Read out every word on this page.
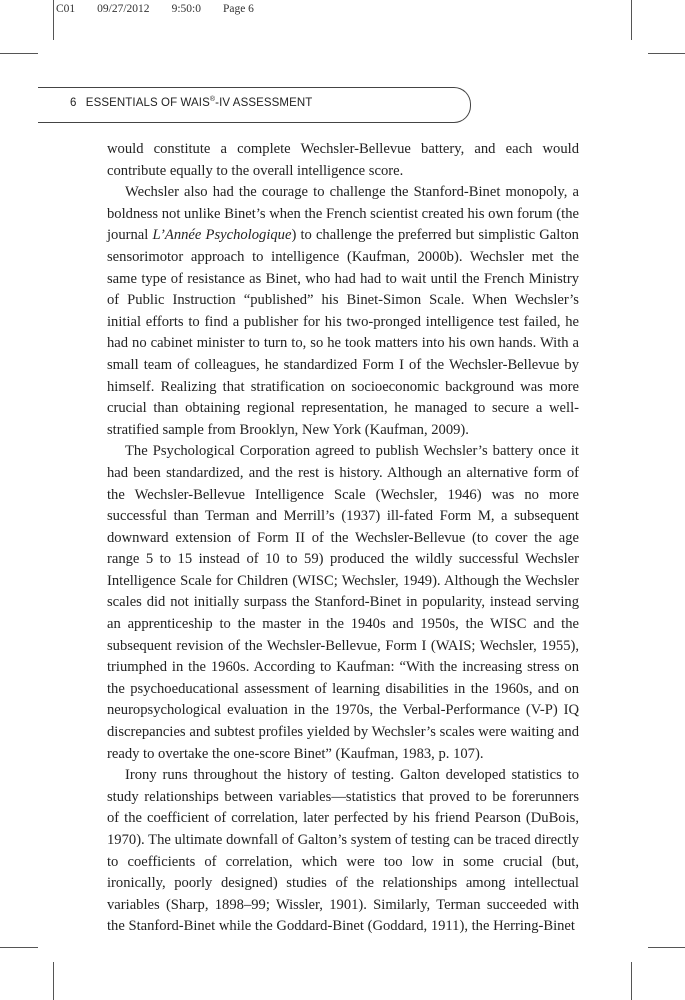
C01 09/27/2012 9:50:0 Page 6
6 ESSENTIALS OF WAIS®-IV ASSESSMENT

would constitute a complete Wechsler-Bellevue battery, and each would contribute equally to the overall intelligence score.

Wechsler also had the courage to challenge the Stanford-Binet monopoly, a boldness not unlike Binet’s when the French scientist created his own forum (the journal L’Année Psychologique) to challenge the preferred but simplistic Galton sensorimotor approach to intelligence (Kaufman, 2000b). Wechsler met the same type of resistance as Binet, who had had to wait until the French Ministry of Public Instruction “published” his Binet-Simon Scale. When Wechsler’s initial efforts to find a publisher for his two-pronged intelligence test failed, he had no cabinet minister to turn to, so he took matters into his own hands. With a small team of colleagues, he standardized Form I of the Wechsler-Bellevue by himself. Realizing that stratification on socioeconomic background was more crucial than obtaining regional representation, he managed to secure a well-stratified sample from Brooklyn, New York (Kaufman, 2009).

The Psychological Corporation agreed to publish Wechsler’s battery once it had been standardized, and the rest is history. Although an alternative form of the Wechsler-Bellevue Intelligence Scale (Wechsler, 1946) was no more successful than Terman and Merrill’s (1937) ill-fated Form M, a subsequent downward extension of Form II of the Wechsler-Bellevue (to cover the age range 5 to 15 instead of 10 to 59) produced the wildly successful Wechsler Intelligence Scale for Children (WISC; Wechsler, 1949). Although the Wechsler scales did not initially surpass the Stanford-Binet in popularity, instead serving an apprenticeship to the master in the 1940s and 1950s, the WISC and the subsequent revision of the Wechsler-Bellevue, Form I (WAIS; Wechsler, 1955), triumphed in the 1960s. According to Kaufman: “With the increasing stress on the psychoeducational assessment of learning disabilities in the 1960s, and on neuropsychological evaluation in the 1970s, the Verbal-Performance (V-P) IQ discrepancies and subtest profiles yielded by Wechsler’s scales were waiting and ready to overtake the one-score Binet” (Kaufman, 1983, p. 107).

Irony runs throughout the history of testing. Galton developed statistics to study relationships between variables—statistics that proved to be forerunners of the coefficient of correlation, later perfected by his friend Pearson (DuBois, 1970). The ultimate downfall of Galton’s system of testing can be traced directly to coefficients of correlation, which were too low in some crucial (but, ironically, poorly designed) studies of the relationships among intellectual variables (Sharp, 1898–99; Wissler, 1901). Similarly, Terman succeeded with the Stanford-Binet while the Goddard-Binet (Goddard, 1911), the Herring-Binet
